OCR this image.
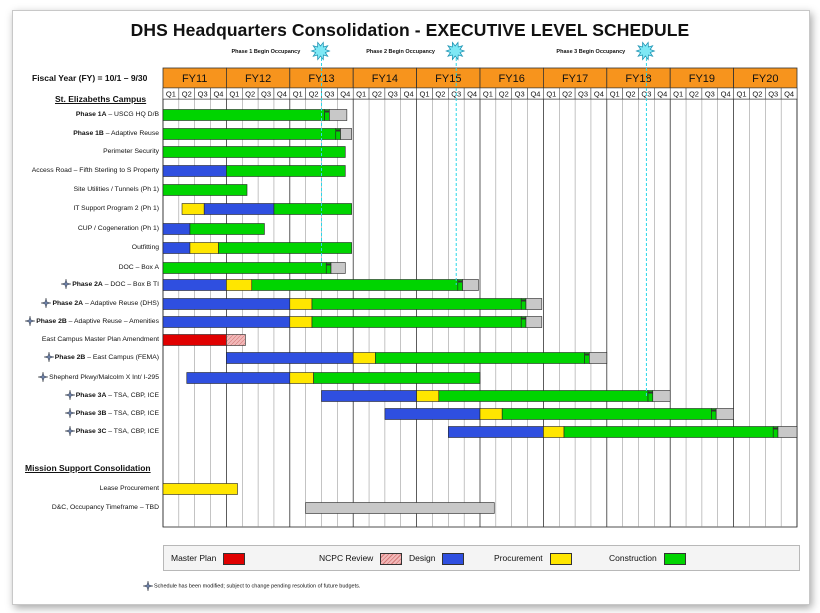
DHS Headquarters Consolidation - EXECUTIVE LEVEL SCHEDULE
Phase 1 Begin Occupancy	Phase 2 Begin Occupancy	Phase 3 Begin Occupancy
Fiscal Year (FY) = 10/1 – 9/30
St. Elizabeths Campus
Mission Support Consolidation
Phase 1A – USCG HQ D/B
Phase 1B – Adaptive Reuse
Perimeter Security
Access Road – Fifth Sterling to S Property
Site Utilities / Tunnels (Ph 1)
IT Support Program 2 (Ph 1)
CUP / Cogeneration (Ph 1)
Outfitting
DOC – Box A
Phase 2A – DOC – Box B TI
Phase 2A – Adaptive Reuse (DHS)
Phase 2B – Adaptive Reuse – Amenities
East Campus Master Plan Amendment
Phase 2B – East Campus (FEMA)
Shepherd Pkwy/Malcolm X Int/ I-295
Phase 3A – TSA, CBP, ICE
Phase 3B – TSA, CBP, ICE
Phase 3C – TSA, CBP, ICE
Lease Procurement
D&C, Occupancy Timeframe – TBD
FY11	FY12	FY13	FY14	FY15	FY16	FY17	FY18	FY19	FY20
Q1 Q2 Q3 Q4 Q1 Q2 Q3 Q4 Q1 Q2 Q3 Q4 Q1 Q2 Q3 Q4 Q1 Q2 Q3 Q4 Q1 Q2 Q3 Q4 Q1 Q2 Q3 Q4 Q1 Q2 Q3 Q4 Q1 Q2 Q3 Q4 Q1 Q2 Q3 Q4
Master Plan	NCPC Review	Design	Procurement	Construction
Schedule has been modified; subject to change pending resolution of future budgets.
